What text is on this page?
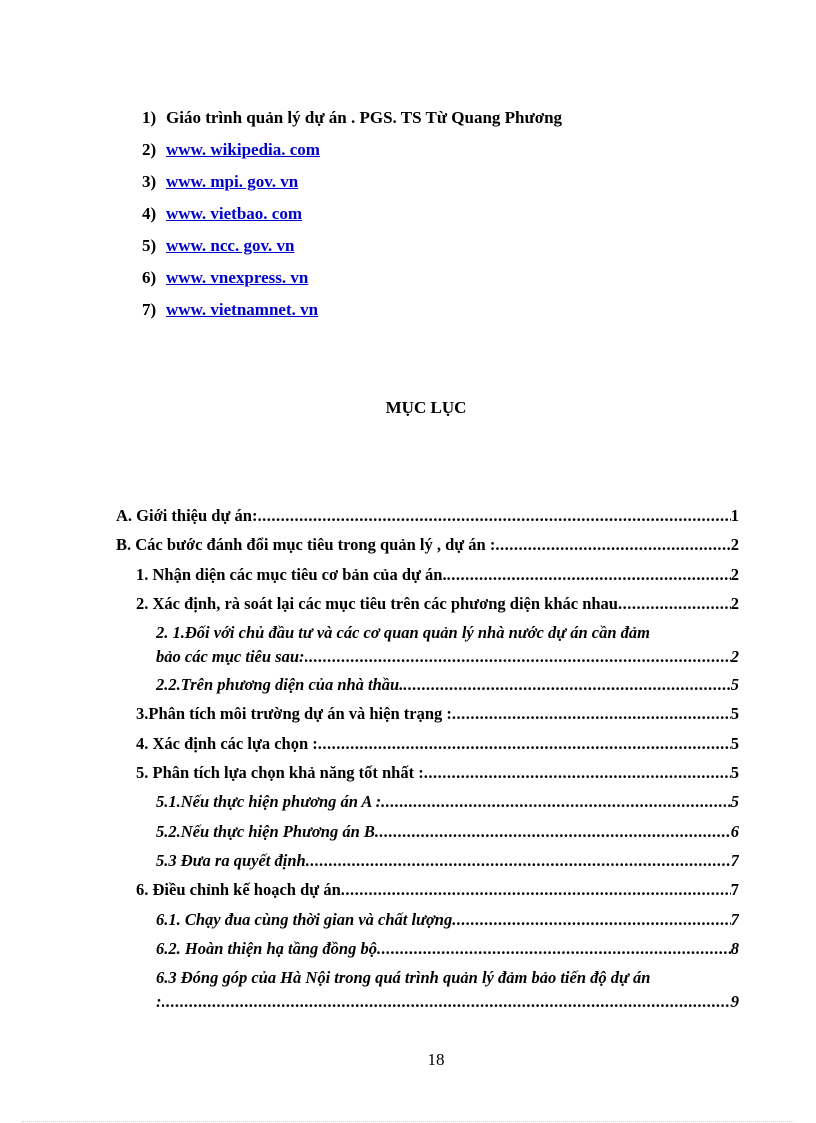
1) Giáo trình quản lý dự án . PGS. TS Từ Quang Phương
2) www. wikipedia. com
3) www. mpi. gov. vn
4) www. vietbao. com
5) www. ncc. gov. vn
6) www. vnexpress. vn
7) www. vietnamnet. vn
MỤC LỤC
A. Giới thiệu dự án: .....	1
B. Các bước đánh đổi mục tiêu trong quản lý , dự án : .....	2
1. Nhận diện các mục tiêu cơ bản của dự án. .....	2
2. Xác định, rà soát lại các mục tiêu trên các phương diện khác nhau .....	2
2. 1.Đối với chủ đầu tư và các cơ quan quản lý nhà nước dự án cần đảm
bảo các mục tiêu sau: .....	2
2.2.Trên phương diện của nhà thầu. .....	5
3.Phân tích môi trường dự án và hiện trạng : .....	5
4. Xác định các lựa chọn : .....	5
5. Phân tích lựa chọn khả năng tốt nhất : .....	5
5.1.Nếu thực hiện phương án A : .....	5
5.2.Nếu thực hiện Phương án B .....	6
5.3 Đưa ra quyết định .....	7
6. Điều chỉnh kế hoạch dự án .....	7
6.1. Chạy đua cùng thời gian và chất lượng .....	7
6.2. Hoàn thiện hạ tầng đồng bộ .....	8
6.3 Đóng góp của Hà Nội trong quá trình quản lý đảm bảo tiến độ dự án
: .....	9
18
